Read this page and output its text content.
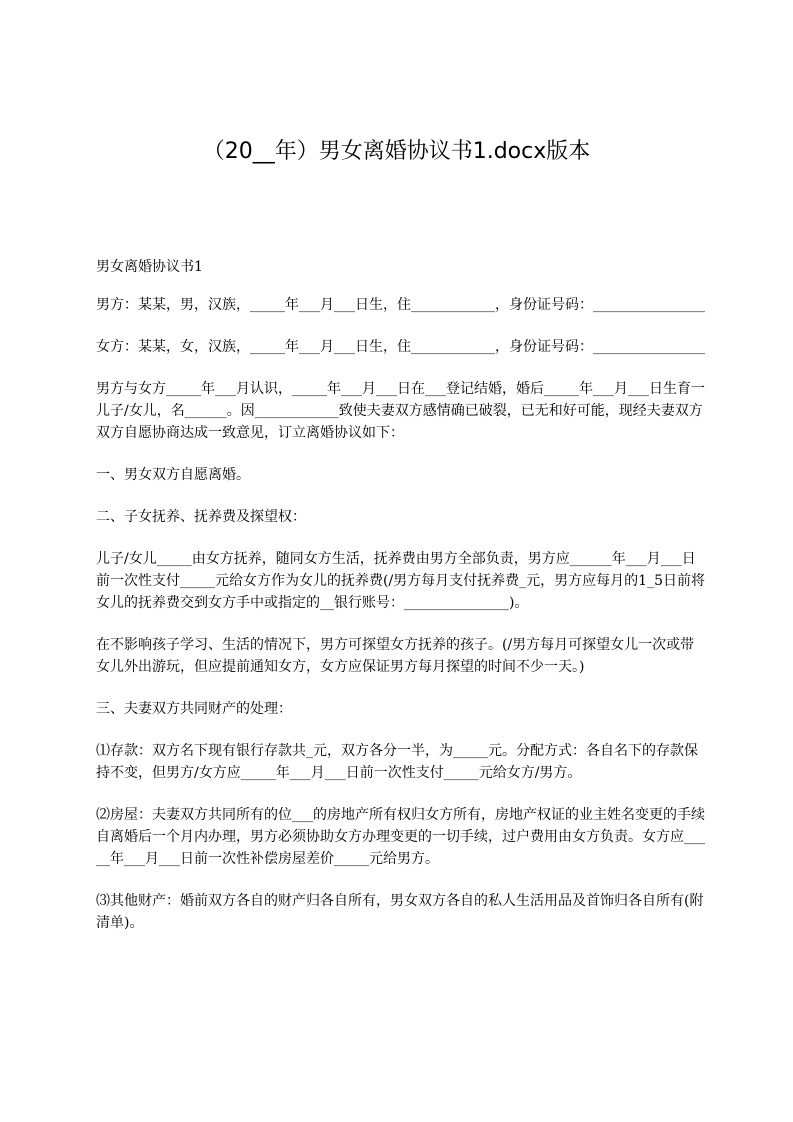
（20__年）男女离婚协议书1.docx版本

男女离婚协议书1

男方：某某，男，汉族，_____年___月___日生，住____________，身份证号码：________________

女方：某某，女，汉族，_____年___月___日生，住____________，身份证号码：________________

男方与女方_____年___月认识，_____年___月___日在___登记结婚，婚后_____年___月___日生育一儿子/女儿，名______。因____________致使夫妻双方感情确已破裂，已无和好可能，现经夫妻双方双方自愿协商达成一致意见，订立离婚协议如下：

一、男女双方自愿离婚。

二、子女抚养、抚养费及探望权：

儿子/女儿_____由女方抚养，随同女方生活，抚养费由男方全部负责，男方应______年___月___日前一次性支付_____元给女方作为女儿的抚养费(/男方每月支付抚养费_元，男方应每月的1_5日前将女儿的抚养费交到女方手中或指定的__银行账号：_______________)。

在不影响孩子学习、生活的情况下，男方可探望女方抚养的孩子。(/男方每月可探望女儿一次或带女儿外出游玩，但应提前通知女方，女方应保证男方每月探望的时间不少一天。)

三、夫妻双方共同财产的处理：

⑴存款：双方名下现有银行存款共_元，双方各分一半，为_____元。分配方式：各自名下的存款保持不变，但男方/女方应_____年___月___日前一次性支付_____元给女方/男方。

⑵房屋：夫妻双方共同所有的位___的房地产所有权归女方所有，房地产权证的业主姓名变更的手续自离婚后一个月内办理，男方必须协助女方办理变更的一切手续，过户费用由女方负责。女方应_____年___月___日前一次性补偿房屋差价_____元给男方。

⑶其他财产：婚前双方各自的财产归各自所有，男女双方各自的私人生活用品及首饰归各自所有(附清单)。
